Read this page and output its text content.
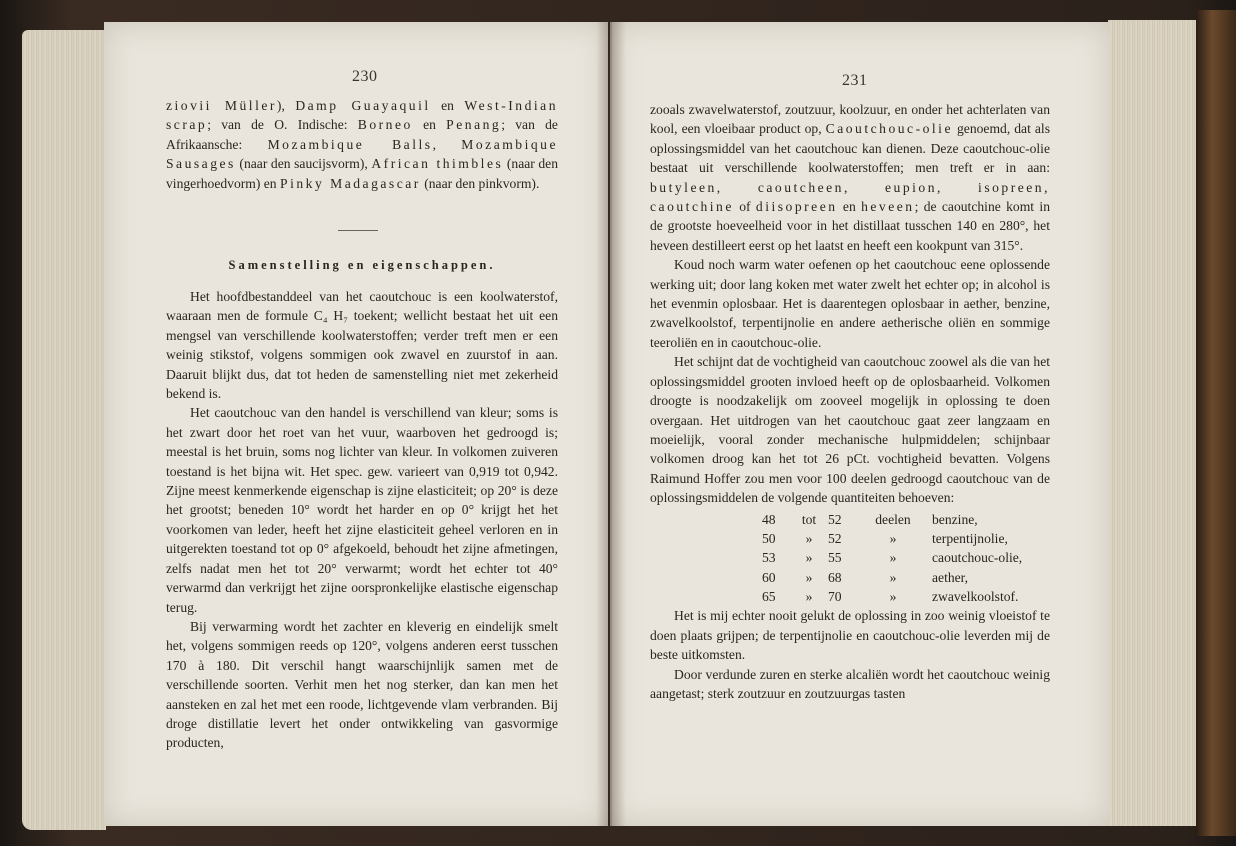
230

ziovii Müller), Damp Guayaquil en West-Indian scrap; van de O. Indische: Borneo en Penang; van de Afrikaansche: Mozambique Balls, Mozambique Sausages (naar den saucijsvorm), African thimbles (naar den vingerhoedvorm) en Pinky Madagascar (naar den pinkvorm).

Samenstelling en eigenschappen.

Het hoofdbestanddeel van het caoutchouc is een koolwaterstof, waaraan men de formule C₄ H₇ toekent; wellicht bestaat het uit een mengsel van verschillende koolwaterstoffen; verder treft men er een weinig stikstof, volgens sommigen ook zwavel en zuurstof in aan. Daaruit blijkt dus, dat tot heden de samenstelling niet met zekerheid bekend is.

Het caoutchouc van den handel is verschillend van kleur; soms is het zwart door het roet van het vuur, waarboven het gedroogd is; meestal is het bruin, soms nog lichter van kleur. In volkomen zuiveren toestand is het bijna wit. Het spec. gew. varieert van 0,919 tot 0,942. Zijne meest kenmerkende eigenschap is zijne elasticiteit; op 20° is deze het grootst; beneden 10° wordt het harder en op 0° krijgt het het voorkomen van leder, heeft het zijne elasticiteit geheel verloren en in uitgerekten toestand tot op 0° afgekoeld, behoudt het zijne afmetingen, zelfs nadat men het tot 20° verwarmt; wordt het echter tot 40° verwarmd dan verkrijgt het zijne oorspronkelijke elastische eigenschap terug.

Bij verwarming wordt het zachter en kleverig en eindelijk smelt het, volgens sommigen reeds op 120°, volgens anderen eerst tusschen 170 à 180. Dit verschil hangt waarschijnlijk samen met de verschillende soorten. Verhit men het nog sterker, dan kan men het aansteken en zal het met een roode, lichtgevende vlam verbranden. Bij droge distillatie levert het onder ontwikkeling van gasvormige producten,

231

zooals zwavelwaterstof, zoutzuur, koolzuur, en onder het achterlaten van kool, een vloeibaar product op, Caoutchouc-olie genoemd, dat als oplossingsmiddel van het caoutchouc kan dienen. Deze caoutchouc-olie bestaat uit verschillende koolwaterstoffen; men treft er in aan: butyleen, caoutcheen, eupion, isopreen, caoutchine of diisopreen en heveen; de caoutchine komt in de grootste hoeveelheid voor in het distillaat tusschen 140 en 280°, het heveen destilleert eerst op het laatst en heeft een kookpunt van 315°.

Koud noch warm water oefenen op het caoutchouc eene oplossende werking uit; door lang koken met water zwelt het echter op; in alcohol is het evenmin oplosbaar. Het is daarentegen oplosbaar in aether, benzine, zwavelkoolstof, terpentijnolie en andere aetherische oliën en sommige teeroliën en in caoutchouc-olie.

Het schijnt dat de vochtigheid van caoutchouc zoowel als die van het oplossingsmiddel grooten invloed heeft op de oplosbaarheid. Volkomen droogte is noodzakelijk om zooveel mogelijk in oplossing te doen overgaan. Het uitdrogen van het caoutchouc gaat zeer langzaam en moeielijk, vooral zonder mechanische hulpmiddelen; schijnbaar volkomen droog kan het tot 26 pCt. vochtigheid bevatten. Volgens Raimund Hoffer zou men voor 100 deelen gedroogd caoutchouc van de oplossingsmiddelen de volgende quantiteiten behoeven:

48	tot 52	deelen	benzine,
50	»	52	»	terpentijnolie,
53	»	55	»	caoutchouc-olie,
60	»	68	»	aether,
65	»	70	»	zwavelkoolstof.

Het is mij echter nooit gelukt de oplossing in zoo weinig vloeistof te doen plaats grijpen; de terpentijnolie en caoutchouc-olie leverden mij de beste uitkomsten.

Door verdunde zuren en sterke alcaliën wordt het caoutchouc weinig aangetast; sterk zoutzuur en zoutzuurgas tasten
